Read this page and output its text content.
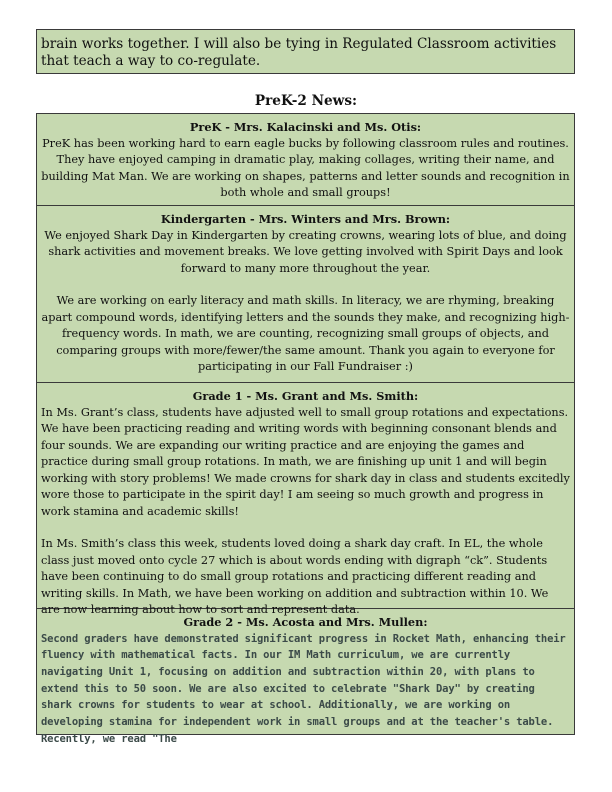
brain works together. I will also be tying in Regulated Classroom activities that teach a way to co-regulate.
PreK-2 News:
PreK - Mrs. Kalacinski and Ms. Otis:
PreK has been working hard to earn eagle bucks by following classroom rules and routines. They have enjoyed camping in dramatic play, making collages, writing their name, and building Mat Man. We are working on shapes, patterns and letter sounds and recognition in both whole and small groups!
Kindergarten - Mrs. Winters and Mrs. Brown:
We enjoyed Shark Day in Kindergarten by creating crowns, wearing lots of blue, and doing shark activities and movement breaks. We love getting involved with Spirit Days and look forward to many more throughout the year.
We are working on early literacy and math skills. In literacy, we are rhyming, breaking apart compound words, identifying letters and the sounds they make, and recognizing high-frequency words. In math, we are counting, recognizing small groups of objects, and comparing groups with more/fewer/the same amount. Thank you again to everyone for participating in our Fall Fundraiser :)
Grade 1 - Ms. Grant and Ms. Smith:
In Ms. Grant’s class, students have adjusted well to small group rotations and expectations. We have been practicing reading and writing words with beginning consonant blends and four sounds. We are expanding our writing practice and are enjoying the games and practice during small group rotations. In math, we are finishing up unit 1 and will begin working with story problems! We made crowns for shark day in class and students excitedly wore those to participate in the spirit day! I am seeing so much growth and progress in work stamina and academic skills!
In Ms. Smith’s class this week, students loved doing a shark day craft. In EL, the whole class just moved onto cycle 27 which is about words ending with digraph “ck”. Students have been continuing to do small group rotations and practicing different reading and writing skills. In Math, we have been working on addition and subtraction within 10. We are now learning about how to sort and represent data.
Grade 2 - Ms. Acosta and Mrs. Mullen:
Second graders have demonstrated significant progress in Rocket Math, enhancing their fluency with mathematical facts. In our IM Math curriculum, we are currently navigating Unit 1, focusing on addition and subtraction within 20, with plans to extend this to 50 soon. We are also excited to celebrate "Shark Day" by creating shark crowns for students to wear at school. Additionally, we are working on developing stamina for independent work in small groups and at the teacher's table. Recently, we read "The
